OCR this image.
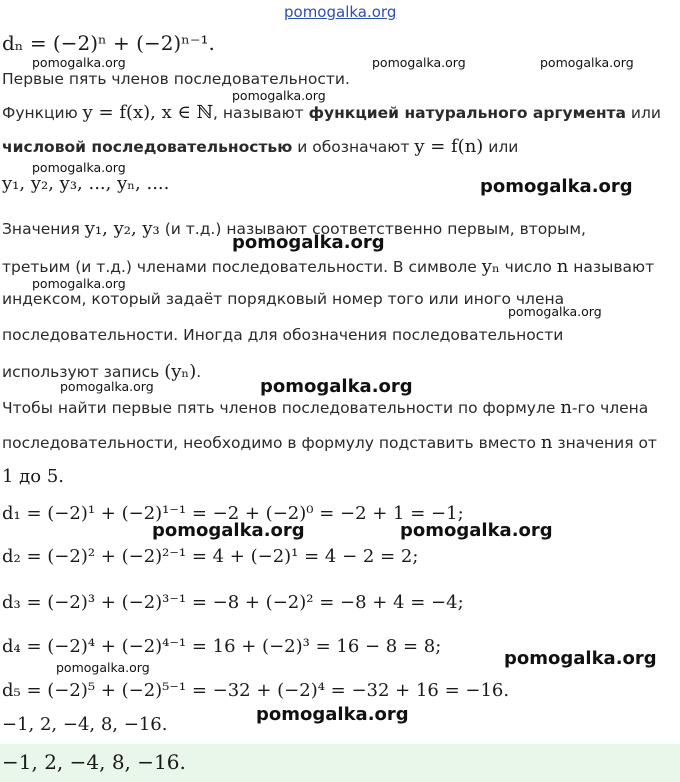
pomogalka.org
dₙ = (−2)ⁿ + (−2)ⁿ⁻¹.
pomogalka.org	pomogalka.org	pomogalka.org
Первые пять членов последовательности.
pomogalka.org
Функцию y = f(x), x ∈ ℕ, называют функцией натурального аргумента или
числовой последовательностью и обозначают y = f(n) или
pomogalka.org
y₁, y₂, y₃, ..., yₙ, ....	pomogalka.org
Значения y₁, y₂, y₃ (и т.д.) называют соответственно первым, вторым,
pomogalka.org
третьим (и т.д.) членами последовательности. В символе yₙ число n называют
pomogalka.org
индексом, который задаёт порядковый номер того или иного члена
pomogalka.org
последовательности. Иногда для обозначения последовательности
используют запись (yₙ).
pomogalka.org	pomogalka.org
Чтобы найти первые пять членов последовательности по формуле n-го члена
последовательности, необходимо в формулу подставить вместо n значения от
1 до 5.
d₁ = (−2)¹ + (−2)¹⁻¹ = −2 + (−2)⁰ = −2 + 1 = −1;
pomogalka.org	pomogalka.org
d₂ = (−2)² + (−2)²⁻¹ = 4 + (−2)¹ = 4 − 2 = 2;
d₃ = (−2)³ + (−2)³⁻¹ = −8 + (−2)² = −8 + 4 = −4;
d₄ = (−2)⁴ + (−2)⁴⁻¹ = 16 + (−2)³ = 16 − 8 = 8;
pomogalka.org
pomogalka.org
d₅ = (−2)⁵ + (−2)⁵⁻¹ = −32 + (−2)⁴ = −32 + 16 = −16.
pomogalka.org
−1, 2, −4, 8, −16.
−1, 2, −4, 8, −16.
